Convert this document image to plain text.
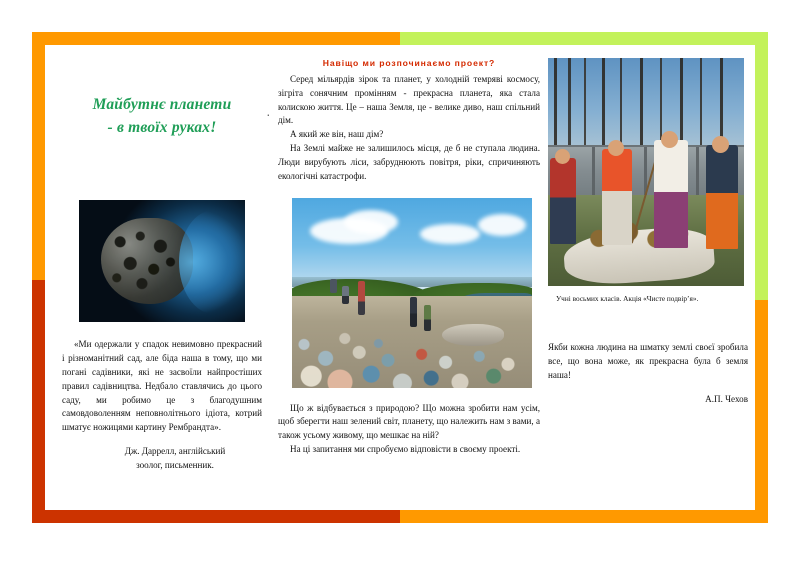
Майбутнє планети

- в твоїх руках!

.

«Ми одержали у спадок невимовно прекрасний і різноманітний сад, але біда наша в тому, що ми погані садівники, які не засвоїли найпростіших правил садівництва. Недбало ставлячись до цього саду, ми робимо це з благодушним самовдоволенням неповнолітнього ідіота, котрий шматує ножицями картину Рембрандта».

Дж. Даррелл, англійський
зоолог, письменник.
Навіщо ми розпочинаємо проект?

Серед мільярдів зірок та планет, у холодній темряві космосу, зігріта сонячним промінням - прекрасна планета, яка стала колискою життя. Це – наша Земля, це - велике диво, наш спільний дім.

А який же він, наш дім?

На Землі майже не залишилось місця, де б не ступала людина. Люди вирубують ліси, забруднюють повітря, ріки, спричиняють екологічні катастрофи.

Що ж відбувається з природою? Що можна зробити нам усім, щоб зберегти наш зелений світ, планету, що належить нам з вами, а також усьому живому, що мешкає на ній?

На ці запитання ми спробуємо відповісти в своєму проекті.

Учні восьмих класів. Акція «Чисте подвір’я».

Якби кожна людина на шматку землі своєї зробила все, що вона може, як прекрасна була б земля наша!

А.П. Чехов
